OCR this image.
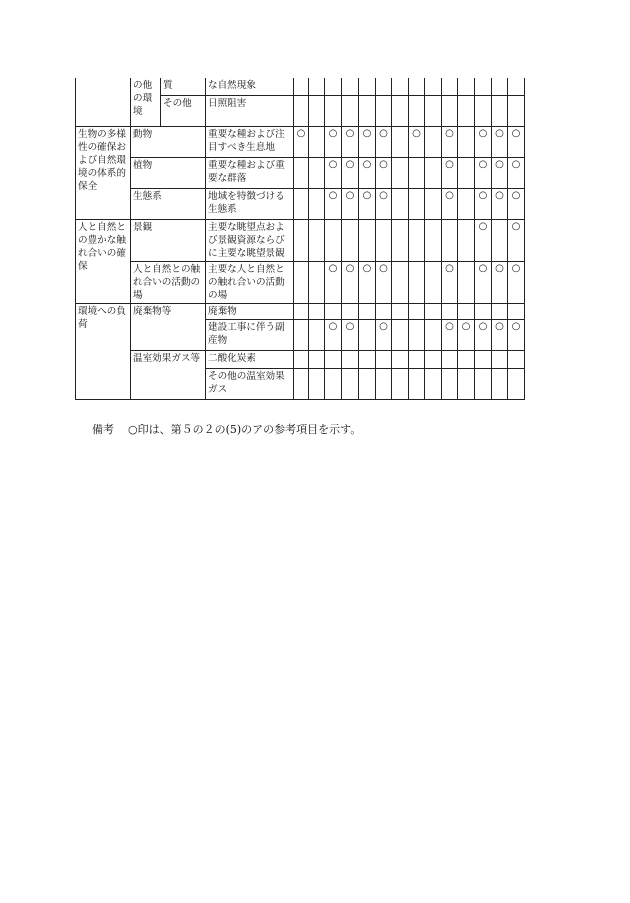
	の他の環境	質	な自然現象														
		その他	日照阻害														
生物の多様性の確保および自然環境の体系的保全	動物		重要な種および注目すべき生息地	○		○	○	○	○		○		○		○	○	○
	植物		重要な種および重要な群落			○	○	○	○				○		○	○	○
	生態系		地域を特徴づける生態系			○	○	○	○				○		○	○	○
人と自然との豊かな触れ合いの確保	景観		主要な眺望点および景観資源ならびに主要な眺望景観												○		○
	人と自然との触れ合いの活動の場		主要な人と自然との触れ合いの活動の場			○	○	○	○				○		○	○	○
環境への負荷	廃棄物等		廃棄物														
			建設工事に伴う副産物			○	○		○				○	○	○	○	○
	温室効果ガス等		二酸化炭素														
			その他の温室効果ガス														
備考 ○印は、第５の２の(5)のアの参考項目を示す。
